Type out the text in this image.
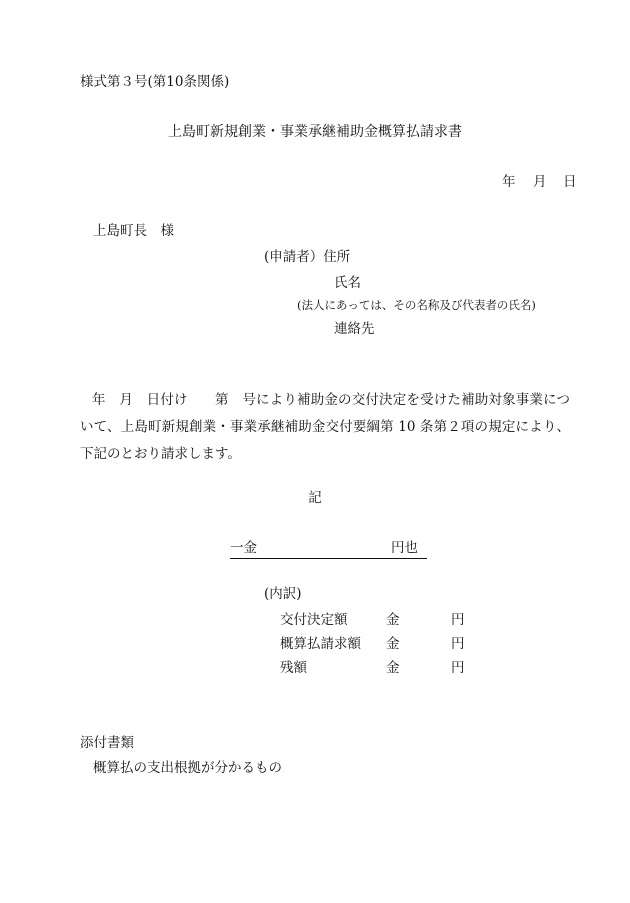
様式第３号(第10条関係)
上島町新規創業・事業承継補助金概算払請求書
年 月 日
上島町長　様
(申請者）住所
氏名
(法人にあっては、その名称及び代表者の氏名)
連絡先
年　月　日付け　　第　号により補助金の交付決定を受けた補助対象事業について、上島町新規創業・事業承継補助金交付要綱第 10 条第２項の規定により、下記のとおり請求します。
記
一金	円也

(内訳)
交付決定額	金	円
概算払請求額 金	円
残額	金	円
添付書類
概算払の支出根拠が分かるもの
